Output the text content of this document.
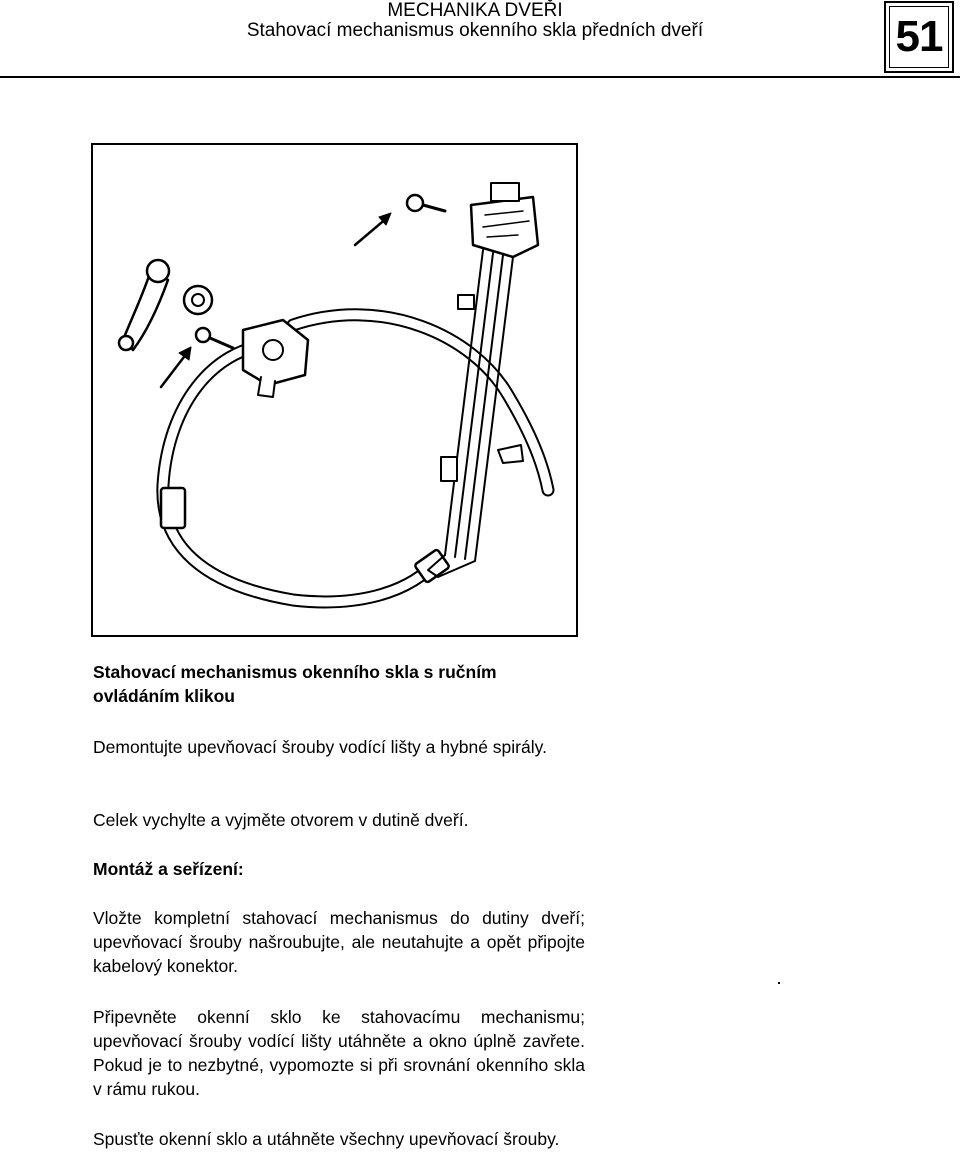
MECHANIKA DVEŘI
Stahovací mechanismus okenního skla předních dveří	51

Stahovací mechanismus okenního skla s ručním ovládáním klikou

Demontujte upevňovací šrouby vodící lišty a hybné spirály.

Celek vychylte a vyjměte otvorem v dutině dveří.

Montáž a seřízení:

Vložte kompletní stahovací mechanismus do dutiny dveří; upevňovací šrouby našroubujte, ale neutahujte a opět připojte kabelový konektor.

Připevněte okenní sklo ke stahovacímu mechanismu; upevňovací šrouby vodící lišty utáhněte a okno úplně zavřete. Pokud je to nezbytné, vypomozte si při srovnání okenního skla v rámu rukou.

Spusťte okenní sklo a utáhněte všechny upevňovací šrouby.
